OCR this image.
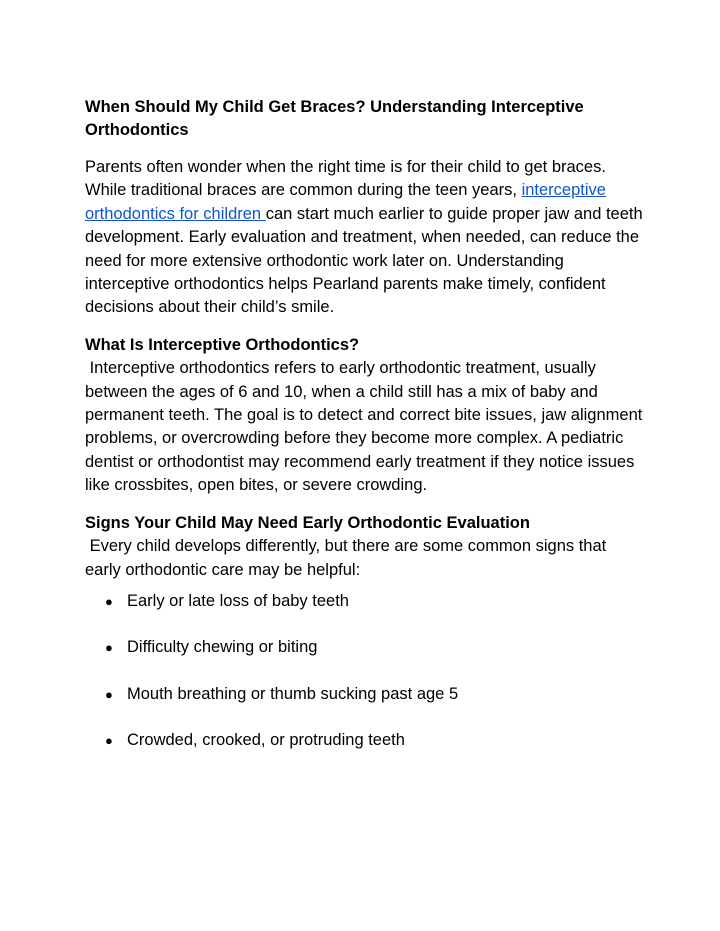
When Should My Child Get Braces? Understanding Interceptive Orthodontics

Parents often wonder when the right time is for their child to get braces. While traditional braces are common during the teen years, interceptive orthodontics for children can start much earlier to guide proper jaw and teeth development. Early evaluation and treatment, when needed, can reduce the need for more extensive orthodontic work later on. Understanding interceptive orthodontics helps Pearland parents make timely, confident decisions about their child’s smile.

What Is Interceptive Orthodontics?
Interceptive orthodontics refers to early orthodontic treatment, usually between the ages of 6 and 10, when a child still has a mix of baby and permanent teeth. The goal is to detect and correct bite issues, jaw alignment problems, or overcrowding before they become more complex. A pediatric dentist or orthodontist may recommend early treatment if they notice issues like crossbites, open bites, or severe crowding.

Signs Your Child May Need Early Orthodontic Evaluation
Every child develops differently, but there are some common signs that early orthodontic care may be helpful:

● Early or late loss of baby teeth
● Difficulty chewing or biting
● Mouth breathing or thumb sucking past age 5
● Crowded, crooked, or protruding teeth
